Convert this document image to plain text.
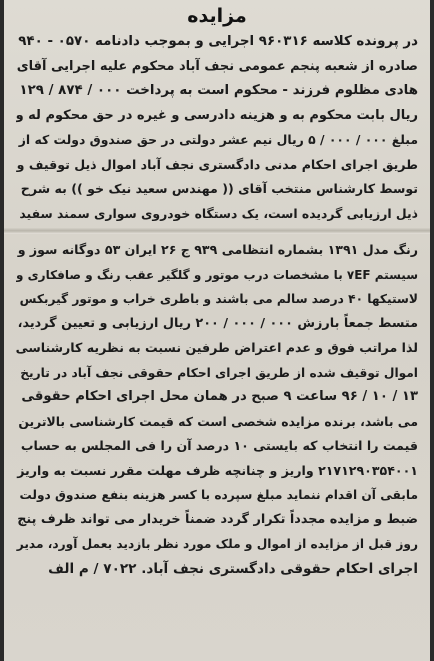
مزایده
در پرونده کلاسه ۹۶۰۳۱۶ اجرایی و بموجب دادنامه ۰۵۷۰ - ۹۴۰
صادره از شعبه پنجم عمومی نجف آباد محکوم علیه اجرایی آقای
هادی مظلوم فرزند - محکوم است به پرداخت ۰۰۰ / ۸۷۴ / ۱۲۹
ریال بابت محکوم به و هزینه دادرسی و غیره در حق محکوم له و
مبلغ ۰۰۰ / ۰۰۰ / ۵ ریال نیم عشر دولتی در حق صندوق دولت که از
طریق اجرای احکام مدنی دادگستری نجف آباد اموال ذیل توقیف و
توسط کارشناس منتخب آقای (( مهندس سعید نیک خو )) به شرح
ذیل ارزیابی گردیده است، یک دستگاه خودروی سواری سمند سفید
رنگ مدل ۱۳۹۱ بشماره انتظامی ۹۳۹ ج ۲۶ ایران ۵۳ دوگانه سوز و
سیستم ۷EF با مشخصات درب موتور و گلگیر عقب رنگ و صافکاری و
لاستیکها ۴۰ درصد سالم می باشند و باطری خراب و موتور گیربکس
متسط جمعاً بارزش ۰۰۰ / ۰۰۰ / ۲۰۰ ریال ارزیابی و تعیین گردید،
لذا مراتب فوق و عدم اعتراض طرفین نسبت به نظریه کارشناسی
اموال توقیف شده از طریق اجرای احکام حقوقی نجف آباد در تاریخ
۱۳ / ۱۰ / ۹۶ ساعت ۹ صبح در همان محل اجرای احکام حقوقی
می باشد، برنده مزایده شخصی است که قیمت کارشناسی بالاترین
قیمت را انتخاب که بایستی ۱۰ درصد آن را فی المجلس به حساب
۲۱۷۱۲۹۰۳۵۴۰۰۱ واریز و چنانچه ظرف مهلت مقرر نسبت به واریز
مابقی آن اقدام ننماید مبلغ سپرده با کسر هزینه بنفع صندوق دولت
ضبط و مزایده مجدداً تکرار گردد ضمناً خریدار می تواند ظرف پنج
روز قبل از مزایده از اموال و ملک مورد نظر بازدید بعمل آورد، مدیر
اجرای احکام حقوقی دادگستری نجف آباد. ۷۰۲۲ / م الف
